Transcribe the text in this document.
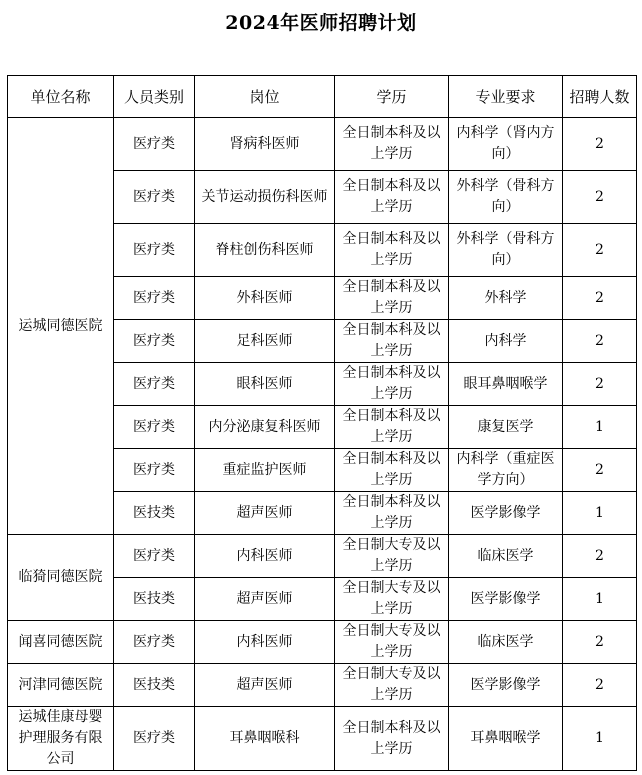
2024年医师招聘计划
单位名称	人员类别	岗位	学历	专业要求	招聘人数
运城同德医院	医疗类	肾病科医师	全日制本科及以上学历	内科学（肾内方向）	2
	医疗类	关节运动损伤科医师	全日制本科及以上学历	外科学（骨科方向）	2
	医疗类	脊柱创伤科医师	全日制本科及以上学历	外科学（骨科方向）	2
	医疗类	外科医师	全日制本科及以上学历	外科学	2
	医疗类	足科医师	全日制本科及以上学历	内科学	2
	医疗类	眼科医师	全日制本科及以上学历	眼耳鼻咽喉学	2
	医疗类	内分泌康复科医师	全日制本科及以上学历	康复医学	1
	医疗类	重症监护医师	全日制本科及以上学历	内科学（重症医学方向）	2
	医技类	超声医师	全日制本科及以上学历	医学影像学	1
临猗同德医院	医疗类	内科医师	全日制大专及以上学历	临床医学	2
	医技类	超声医师	全日制大专及以上学历	医学影像学	1
闻喜同德医院	医疗类	内科医师	全日制大专及以上学历	临床医学	2
河津同德医院	医技类	超声医师	全日制大专及以上学历	医学影像学	2
运城佳康母婴护理服务有限公司	医疗类	耳鼻咽喉科	全日制本科及以上学历	耳鼻咽喉学	1
